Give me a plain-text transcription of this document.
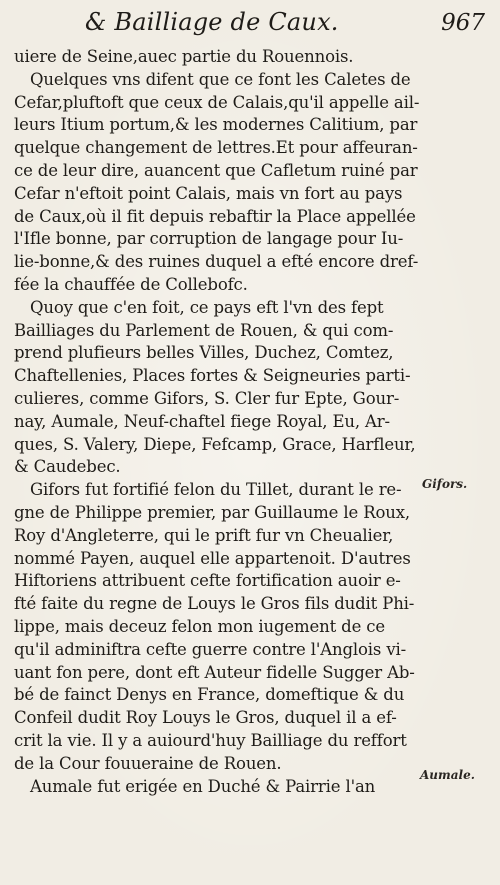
& Bailliage de Caux.	967
uiere de Seine,auec partie du Rouennois.
Quelques vns difent que ce font les Caletes de
Cefar,pluftoft que ceux de Calais,qu'il appelle ail-
leurs Itium portum,& les modernes Calitium, par
quelque changement de lettres.Et pour affeuran-
ce de leur dire, auancent que Cafletum ruiné par
Cefar n'eftoit point Calais, mais vn fort au pays
de Caux,où il fit depuis rebaftir la Place appellée
l'Ifle bonne, par corruption de langage pour Iu-
lie-bonne,& des ruines duquel a efté encore dref-
fée la chauffée de Collebofc.
Quoy que c'en foit, ce pays eft l'vn des fept
Bailliages du Parlement de Rouen, & qui com-
prend plufieurs belles Villes, Duchez, Comtez,
Chaftellenies, Places fortes & Seigneuries parti-
culieres, comme Gifors, S. Cler fur Epte, Gour-
nay, Aumale, Neuf-chaftel fiege Royal, Eu, Ar-
ques, S. Valery, Diepe, Fefcamp, Grace, Harfleur,
& Caudebec.
Gifors fut fortifié felon du Tillet, durant le re-
gne de Philippe premier, par Guillaume le Roux,
Roy d'Angleterre, qui le prift fur vn Cheualier,
nommé Payen, auquel elle appartenoit. D'autres
Hiftoriens attribuent cefte fortification auoir e-
fté faite du regne de Louys le Gros fils dudit Phi-
lippe, mais deceuz felon mon iugement de ce
qu'il adminiftra cefte guerre contre l'Anglois vi-
uant fon pere, dont eft Auteur fidelle Sugger Ab-
bé de fainct Denys en France, domeftique & du
Confeil dudit Roy Louys le Gros, duquel il a ef-
crit la vie. Il y a auiourd'huy Bailliage du reffort
de la Cour fouueraine de Rouen.
Aumale fut erigée en Duché & Pairrie l'an
Gifors.
Aumale.
